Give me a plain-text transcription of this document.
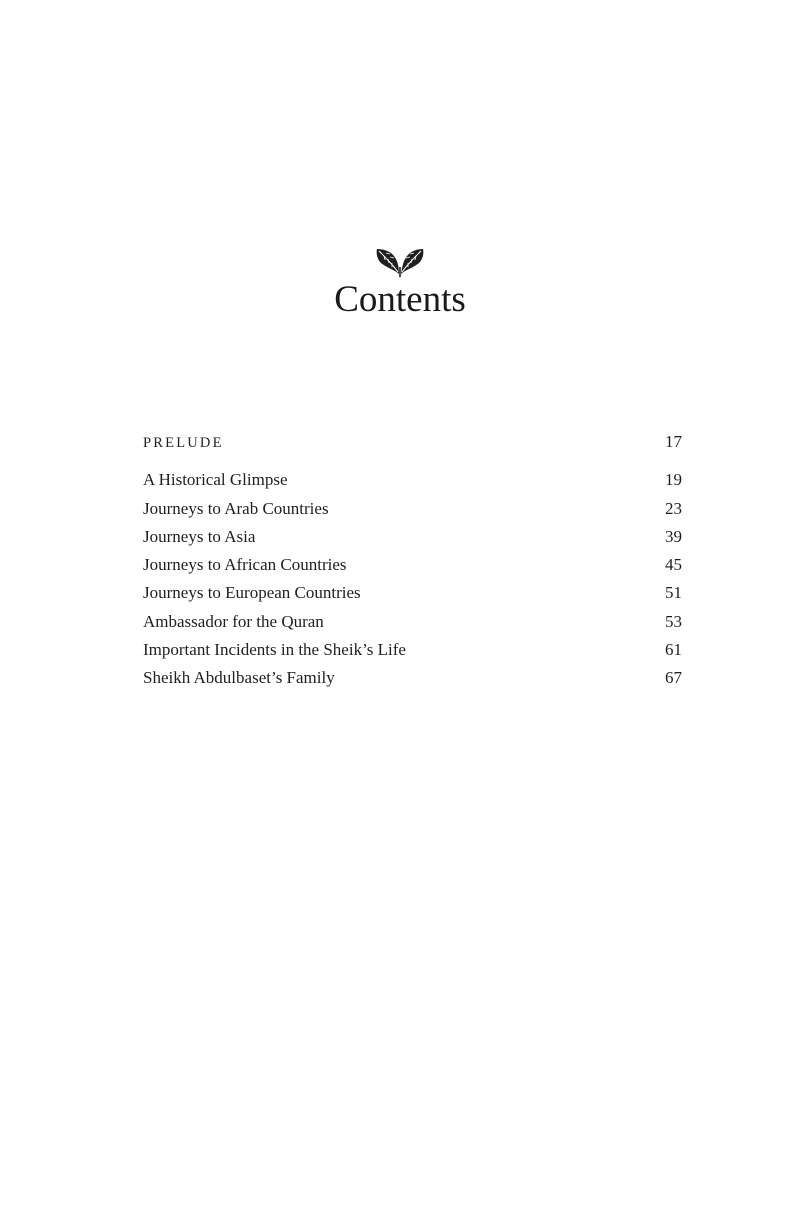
Contents
PRELUDE	17
A Historical Glimpse	19
Journeys to Arab Countries	23
Journeys to Asia	39
Journeys to African Countries	45
Journeys to European Countries	51
Ambassador for the Quran	53
Important Incidents in the Sheik’s Life	61
Sheikh Abdulbaset’s Family	67
